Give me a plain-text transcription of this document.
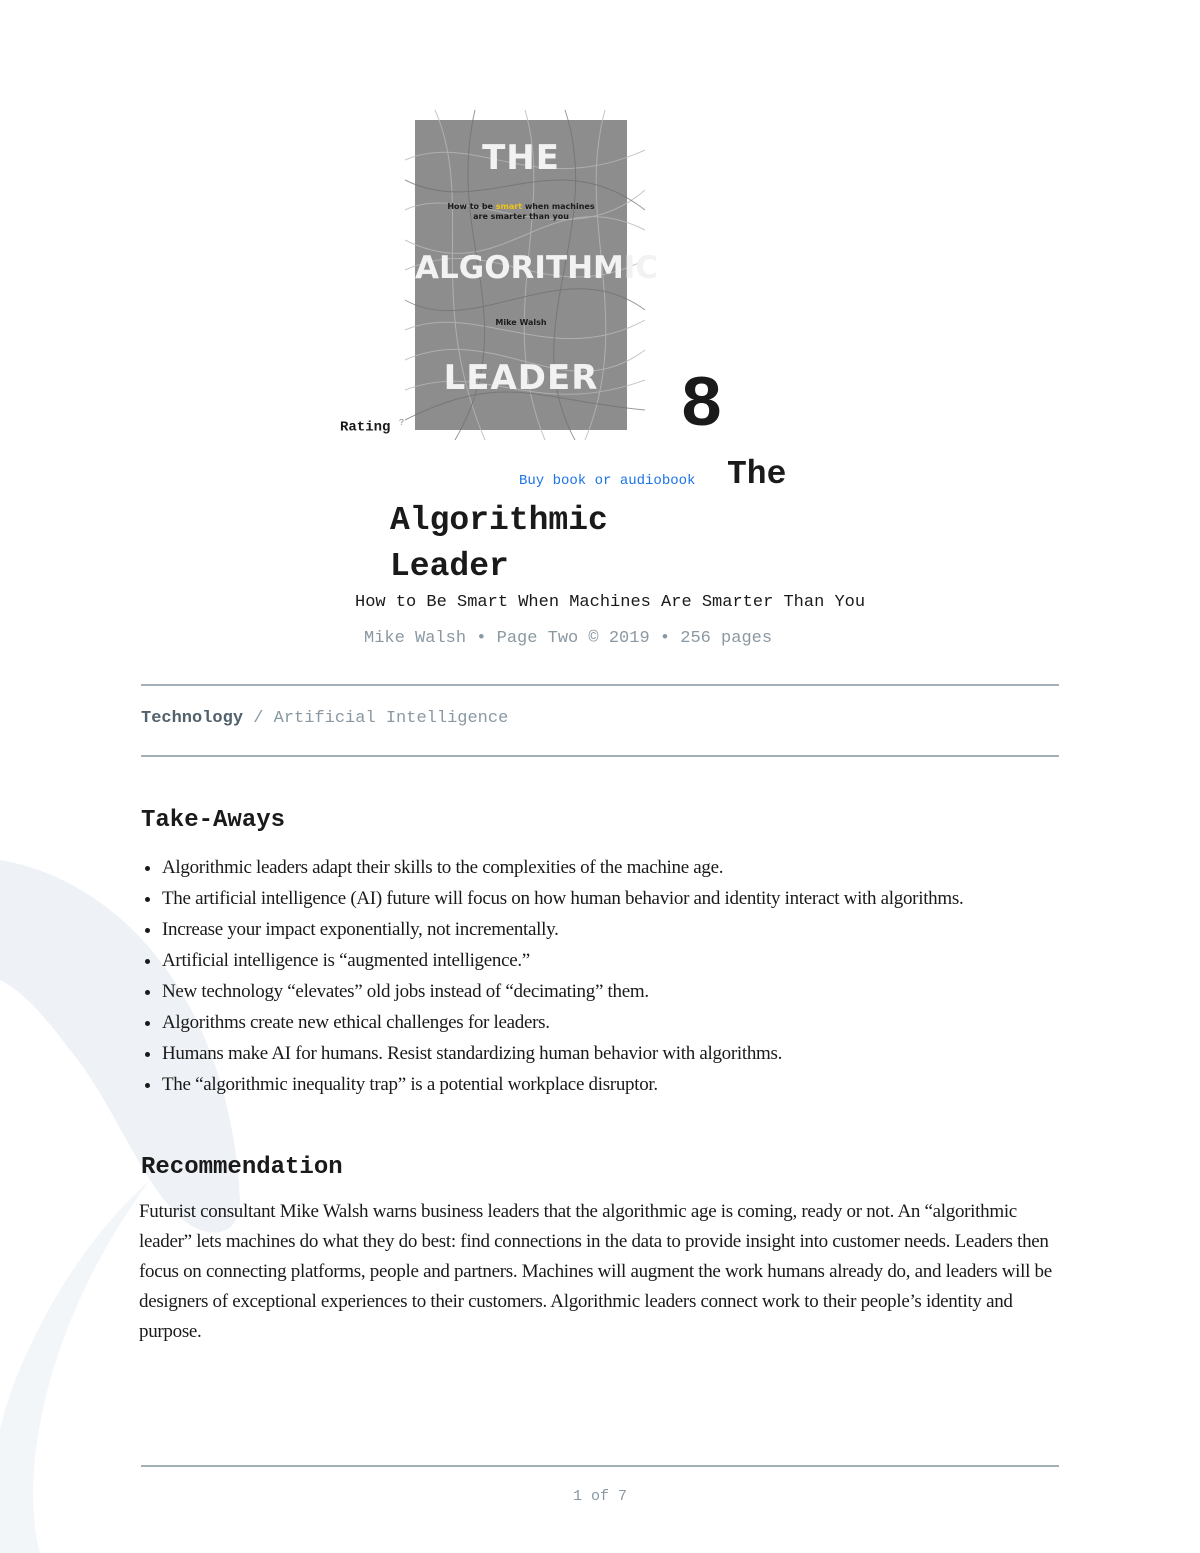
THE
How to be smart when machines
are smarter than you
ALGORITHMIC
Mike Walsh
LEADER
Rating ?	8
Buy book or audiobook The
Algorithmic
Leader
How to Be Smart When Machines Are Smarter Than You
Mike Walsh • Page Two © 2019 • 256 pages
Technology / Artificial Intelligence
Take-Aways
• Algorithmic leaders adapt their skills to the complexities of the machine age.
• The artificial intelligence (AI) future will focus on how human behavior and identity interact with algorithms.
• Increase your impact exponentially, not incrementally.
• Artificial intelligence is “augmented intelligence.”
• New technology “elevates” old jobs instead of “decimating” them.
• Algorithms create new ethical challenges for leaders.
• Humans make AI for humans. Resist standardizing human behavior with algorithms.
• The “algorithmic inequality trap” is a potential workplace disruptor.
Recommendation

Futurist consultant Mike Walsh warns business leaders that the algorithmic age is coming, ready or not. An “algorithmic leader” lets machines do what they do best: find connections in the data to provide insight into customer needs. Leaders then focus on connecting platforms, people and partners. Machines will augment the work humans already do, and leaders will be designers of exceptional experiences to their customers. Algorithmic leaders connect work to their people’s identity and purpose.

1 of 7
